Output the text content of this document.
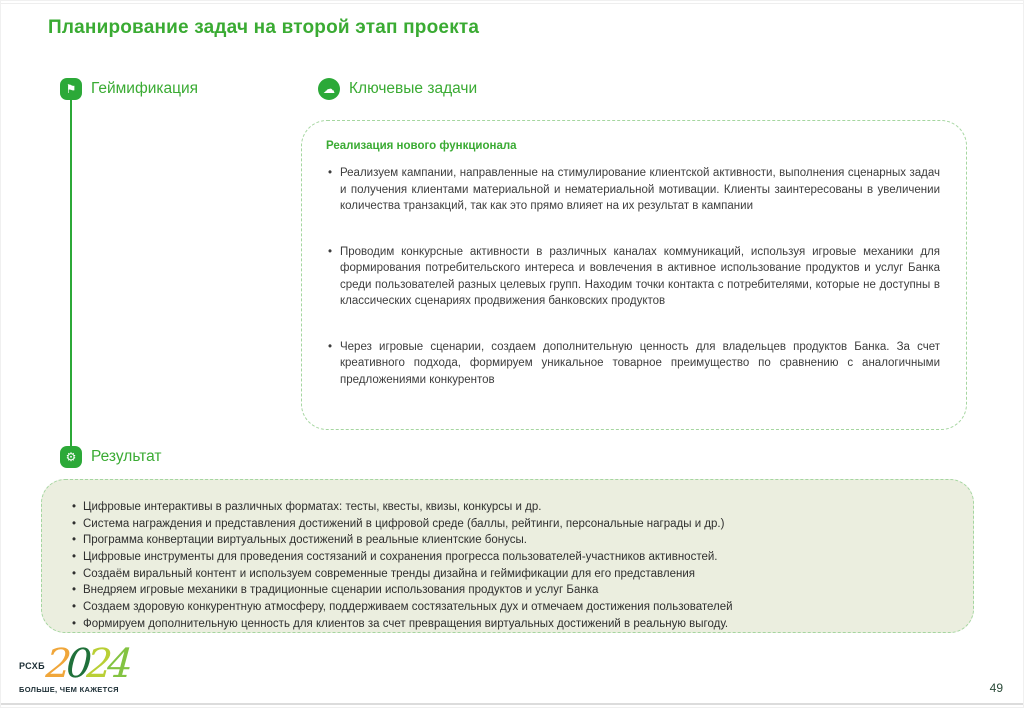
Планирование задач на второй этап проекта
⚑ Геймификация	☁ Ключевые задачи
Реализация нового функционала
• Реализуем кампании, направленные на стимулирование клиентской активности, выполнения сценарных задач и получения клиентами материальной и нематериальной мотивации. Клиенты заинтересованы в увеличении количества транзакций, так как это прямо влияет на их результат в кампании
• Проводим конкурсные активности в различных каналах коммуникаций, используя игровые механики для формирования потребительского интереса и вовлечения в активное использование продуктов и услуг Банка среди пользователей разных целевых групп. Находим точки контакта с потребителями, которые не доступны в классических сценариях продвижения банковских продуктов
• Через игровые сценарии, создаем дополнительную ценность для владельцев продуктов Банка. За счет креативного подхода, формируем уникальное товарное преимущество по сравнению с аналогичными предложениями конкурентов
⚙ Результат
• Цифровые интерактивы в различных форматах: тесты, квесты, квизы, конкурсы и др.
• Система награждения и представления достижений в цифровой среде (баллы, рейтинги, персональные награды и др.)
• Программа конвертации виртуальных достижений в реальные клиентские бонусы.
• Цифровые инструменты для проведения состязаний и сохранения прогресса пользователей-участников активностей.
• Создаём виральный контент и используем современные тренды дизайна и геймификации для его представления
• Внедряем игровые механики в традиционные сценарии использования продуктов и услуг Банка
• Создаем здоровую конкурентную атмосферу, поддерживаем состязательных дух и отмечаем достижения пользователей
• Формируем дополнительную ценность для клиентов за счет превращения виртуальных достижений в реальную выгоду.
РСХБ 2
0
2
4
БОЛЬШЕ, ЧЕМ КАЖЕТСЯ	49
